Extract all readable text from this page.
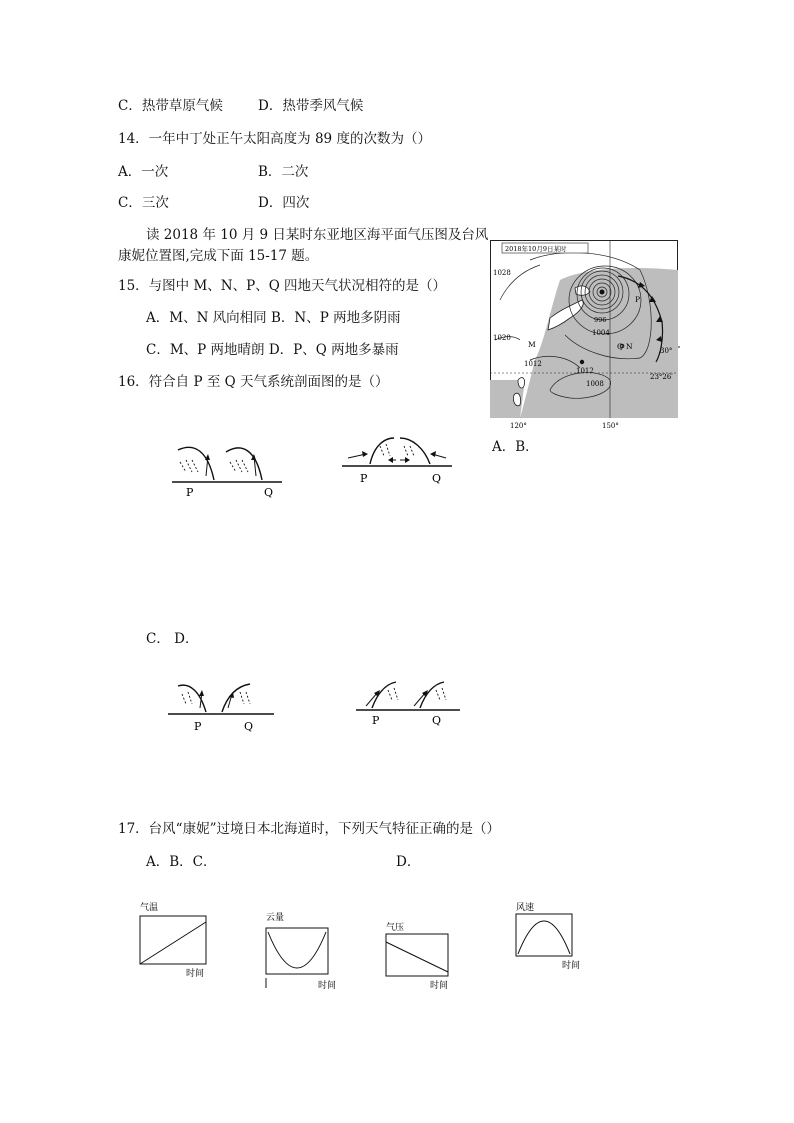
C．热带草原气候	D．热带季风气候
14．一年中丁处正午太阳高度为 89 度的次数为（）
A．一次	B．二次
C．三次	D．四次
读 2018 年 10 月 9 日某时东亚地区海平面气压图及台风
康妮位置图,完成下面 15-17 题。	2018年10月9日某时
1028
1020
1004
996
1012
1012
1008
M	N
P
Q	30°
23°26′
120°	150°
A．B．
15．与图中 M、N、P、Q 四地天气状况相符的是（）
A．M、N 风向相同 B．N、P 两地多阴雨
C．M、P 两地晴朗 D．P、Q 两地多暴雨
16．符合自 P 至 Q 天气系统剖面图的是（）
P	Q
P	Q
C． D．
P	Q	P	Q
17．台风“康妮”过境日本北海道时，下列天气特征正确的是（）
A．B．C．	D．
气温
时间
云量
时间
气压
时间
风速
时间
